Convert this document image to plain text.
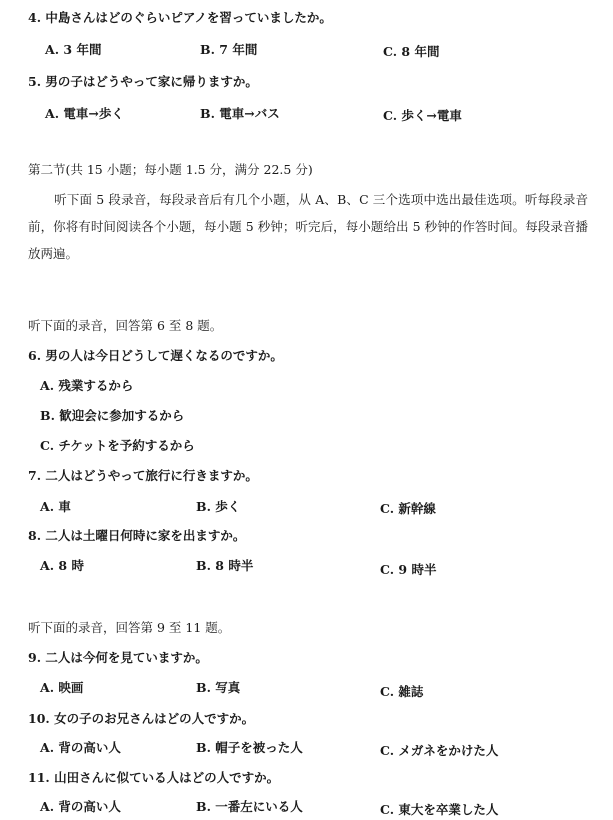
4. 中島さんはどのぐらいピアノを習っていましたか。
A. 3 年間	B. 7 年間	C. 8 年間
5. 男の子はどうやって家に帰りますか。
A. 電車→歩く	B. 電車→バス	C. 歩く→電車
第二节(共 15 小题；每小题 1.5 分，满分 22.5 分)
听下面 5 段录音，每段录音后有几个小题，从 A、B、C 三个选项中选出最佳选项。听每段录音前，你将有时间阅读各个小题，每小题 5 秒钟；听完后，每小题给出 5 秒钟的作答时间。每段录音播放两遍。
听下面的录音，回答第 6 至 8 题。
6. 男の人は今日どうして遅くなるのですか。
A. 残業するから
B. 歓迎会に参加するから
C. チケットを予約するから
7. 二人はどうやって旅行に行きますか。
A. 車	B. 歩く	C. 新幹線
8. 二人は土曜日何時に家を出ますか。
A. 8 時	B. 8 時半	C. 9 時半
听下面的录音，回答第 9 至 11 题。
9. 二人は今何を見ていますか。
A. 映画	B. 写真	C. 雑誌
10. 女の子のお兄さんはどの人ですか。
A. 背の高い人	B. 帽子を被った人	C. メガネをかけた人
11. 山田さんに似ている人はどの人ですか。
A. 背の高い人	B. 一番左にいる人	C. 東大を卒業した人
